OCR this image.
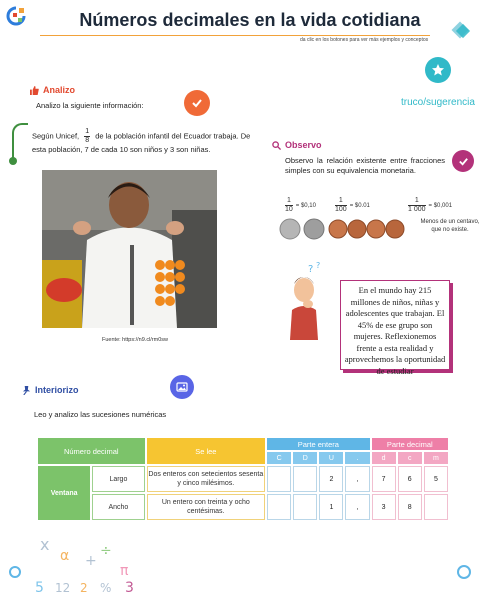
Números decimales en la vida cotidiana
da clic en los botones para ver más ejemplos y conceptos
truco/sugerencia
Analizo
Analizo la siguiente información:
Según Unicef, $\frac{1}{8}$ de la población infantil del Ecuador trabaja. De esta población, 7 de cada 10 son niños y 3 son niñas.
Fuente: https://n9.cl/rm0sw
Observo
Observo la relación existente entre fracciones simples con su equivalencia monetaria.
$\frac{1}{10}$ = $0,10	$\frac{1}{100}$ = $0.01	$\frac{1}{1 000}$ = $0,001
Menos de un centavo, que no existe.
? ?
En el mundo hay 215 millones de niños, niñas y adolescentes que trabajan. El 45% de ese grupo son mujeres. Reflexionemos frente a esta realidad y aprovechemos la oportunidad de estudiar
Interiorizo
Leo y analizo las sucesiones numéricas
Número decimal		Se lee	Parte entera				Parte decimal		
			C	D	U	.	d	c	m
Ventana	Largo	Dos enteros con setecientos sesenta y cinco milésimos.			2	,	7	6	5
	Ancho	Un entero con treinta y ocho centésimas.			1	,	3	8	
x
α +
÷
π
5 12 2 % 3
